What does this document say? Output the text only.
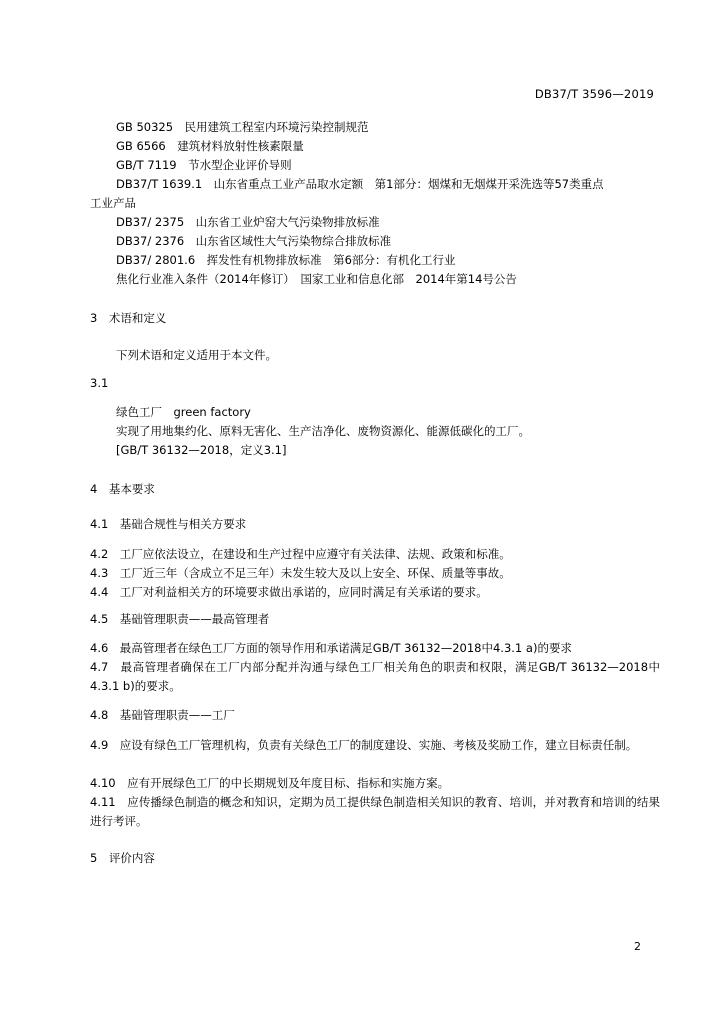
DB37/T 3596—2019
GB 50325　民用建筑工程室内环境污染控制规范
GB 6566　建筑材料放射性核素限量
GB/T 7119　节水型企业评价导则
DB37/T 1639.1　山东省重点工业产品取水定额　第1部分：烟煤和无烟煤开采洗选等57类重点
工业产品
DB37/ 2375　山东省工业炉窑大气污染物排放标准
DB37/ 2376　山东省区域性大气污染物综合排放标准
DB37/ 2801.6　挥发性有机物排放标准　第6部分：有机化工行业
焦化行业准入条件（2014年修订）　国家工业和信息化部　2014年第14号公告
3　术语和定义
下列术语和定义适用于本文件。
3.1
绿色工厂　green factory
实现了用地集约化、原料无害化、生产洁净化、废物资源化、能源低碳化的工厂。
[GB/T 36132—2018，定义3.1]
4　基本要求
4.1　基础合规性与相关方要求
4.2　工厂应依法设立，在建设和生产过程中应遵守有关法律、法规、政策和标准。
4.3　工厂近三年（含成立不足三年）未发生较大及以上安全、环保、质量等事故。
4.4　工厂对利益相关方的环境要求做出承诺的，应同时满足有关承诺的要求。
4.5　基础管理职责——最高管理者
4.6　最高管理者在绿色工厂方面的领导作用和承诺满足GB/T 36132—2018中4.3.1 a)的要求
4.7　最高管理者确保在工厂内部分配并沟通与绿色工厂相关角色的职责和权限，满足GB/T 36132—2018中4.3.1 b)的要求。
4.8　基础管理职责——工厂
4.9　应设有绿色工厂管理机构，负责有关绿色工厂的制度建设、实施、考核及奖励工作，建立目标责任制。
4.10　应有开展绿色工厂的中长期规划及年度目标、指标和实施方案。
4.11　应传播绿色制造的概念和知识，定期为员工提供绿色制造相关知识的教育、培训，并对教育和培训的结果进行考评。
5　评价内容
2
